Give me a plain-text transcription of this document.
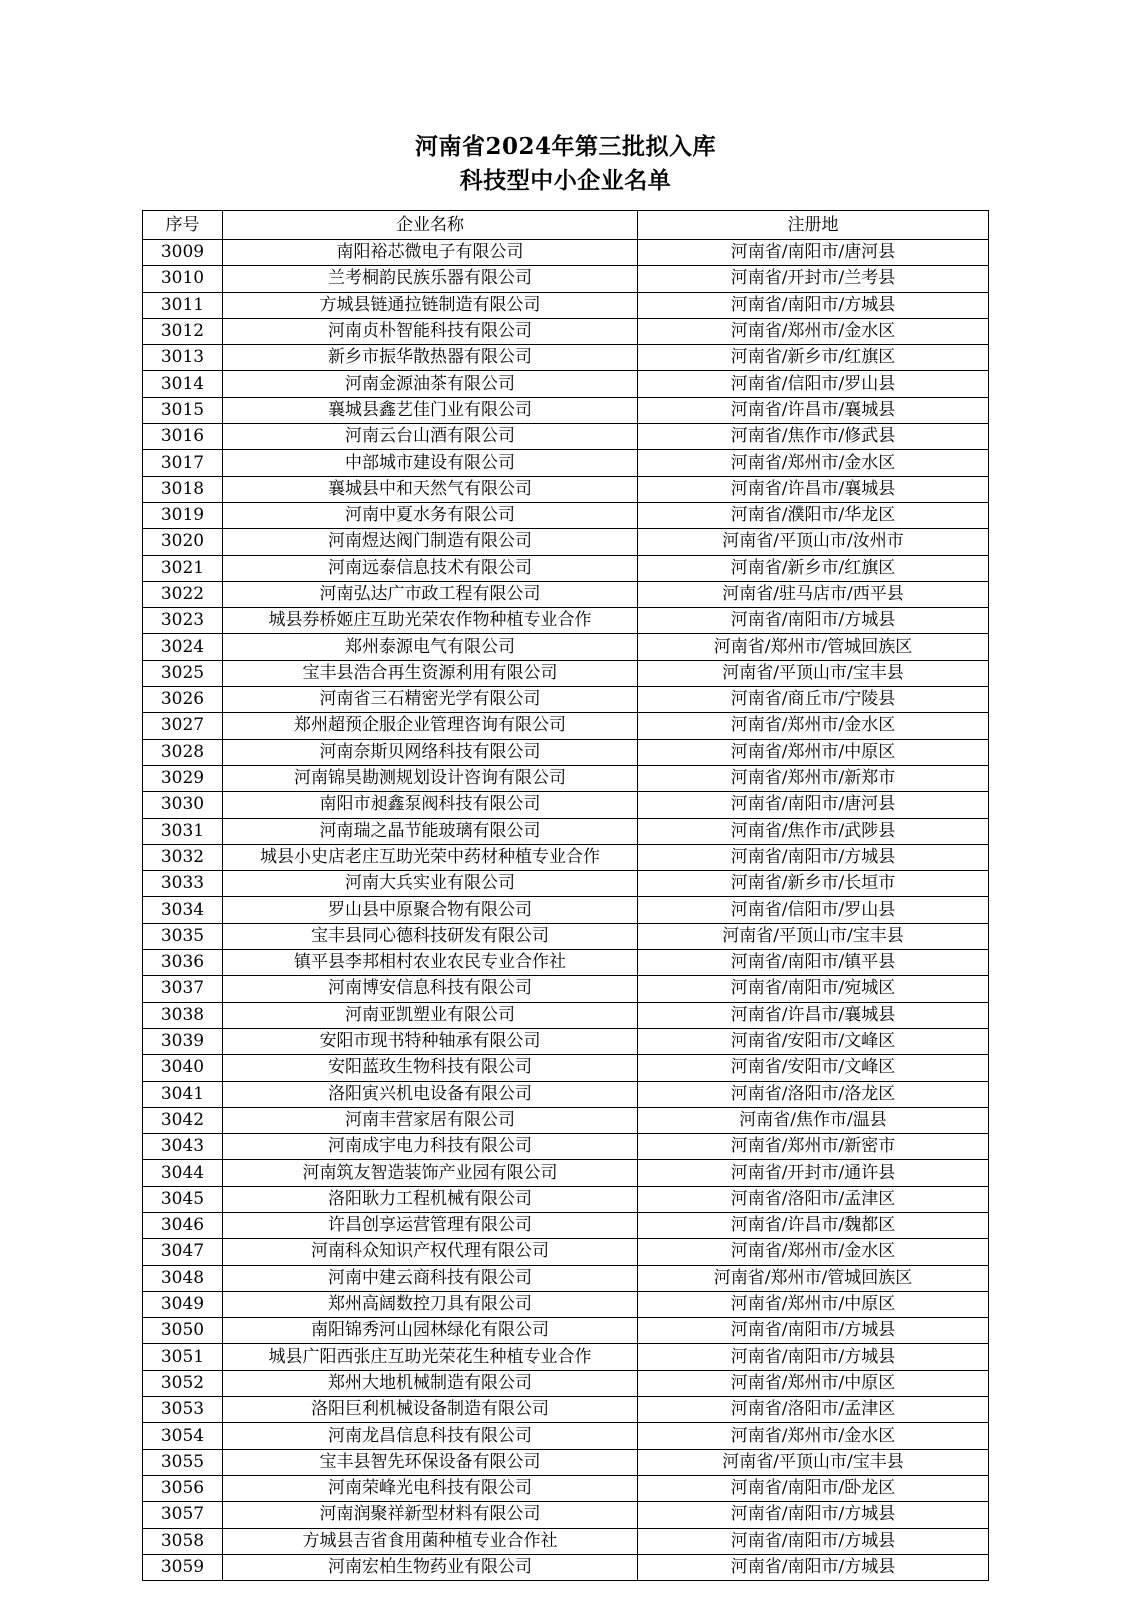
河南省2024年第三批拟入库
科技型中小企业名单
序号	企业名称	注册地
3009	南阳裕芯微电子有限公司	河南省/南阳市/唐河县
3010	兰考桐韵民族乐器有限公司	河南省/开封市/兰考县
3011	方城县链通拉链制造有限公司	河南省/南阳市/方城县
3012	河南贞朴智能科技有限公司	河南省/郑州市/金水区
3013	新乡市振华散热器有限公司	河南省/新乡市/红旗区
3014	河南金源油茶有限公司	河南省/信阳市/罗山县
3015	襄城县鑫艺佳门业有限公司	河南省/许昌市/襄城县
3016	河南云台山酒有限公司	河南省/焦作市/修武县
3017	中部城市建设有限公司	河南省/郑州市/金水区
3018	襄城县中和天然气有限公司	河南省/许昌市/襄城县
3019	河南中夏水务有限公司	河南省/濮阳市/华龙区
3020	河南煜达阀门制造有限公司	河南省/平顶山市/汝州市
3021	河南远泰信息技术有限公司	河南省/新乡市/红旗区
3022	河南弘达广市政工程有限公司	河南省/驻马店市/西平县
3023	城县券桥姬庄互助光荣农作物种植专业合作	河南省/南阳市/方城县
3024	郑州泰源电气有限公司	河南省/郑州市/管城回族区
3025	宝丰县浩合再生资源利用有限公司	河南省/平顶山市/宝丰县
3026	河南省三石精密光学有限公司	河南省/商丘市/宁陵县
3027	郑州超预企服企业管理咨询有限公司	河南省/郑州市/金水区
3028	河南奈斯贝网络科技有限公司	河南省/郑州市/中原区
3029	河南锦昊勘测规划设计咨询有限公司	河南省/郑州市/新郑市
3030	南阳市昶鑫泵阀科技有限公司	河南省/南阳市/唐河县
3031	河南瑞之晶节能玻璃有限公司	河南省/焦作市/武陟县
3032	城县小史店老庄互助光荣中药材种植专业合作	河南省/南阳市/方城县
3033	河南大兵实业有限公司	河南省/新乡市/长垣市
3034	罗山县中原聚合物有限公司	河南省/信阳市/罗山县
3035	宝丰县同心德科技研发有限公司	河南省/平顶山市/宝丰县
3036	镇平县李邦相村农业农民专业合作社	河南省/南阳市/镇平县
3037	河南博安信息科技有限公司	河南省/南阳市/宛城区
3038	河南亚凯塑业有限公司	河南省/许昌市/襄城县
3039	安阳市现书特种轴承有限公司	河南省/安阳市/文峰区
3040	安阳蓝玫生物科技有限公司	河南省/安阳市/文峰区
3041	洛阳寅兴机电设备有限公司	河南省/洛阳市/洛龙区
3042	河南丰营家居有限公司	河南省/焦作市/温县
3043	河南成宇电力科技有限公司	河南省/郑州市/新密市
3044	河南筑友智造装饰产业园有限公司	河南省/开封市/通许县
3045	洛阳耿力工程机械有限公司	河南省/洛阳市/孟津区
3046	许昌创享运营管理有限公司	河南省/许昌市/魏都区
3047	河南科众知识产权代理有限公司	河南省/郑州市/金水区
3048	河南中建云商科技有限公司	河南省/郑州市/管城回族区
3049	郑州高阔数控刀具有限公司	河南省/郑州市/中原区
3050	南阳锦秀河山园林绿化有限公司	河南省/南阳市/方城县
3051	城县广阳西张庄互助光荣花生种植专业合作	河南省/南阳市/方城县
3052	郑州大地机械制造有限公司	河南省/郑州市/中原区
3053	洛阳巨利机械设备制造有限公司	河南省/洛阳市/孟津区
3054	河南龙昌信息科技有限公司	河南省/郑州市/金水区
3055	宝丰县智先环保设备有限公司	河南省/平顶山市/宝丰县
3056	河南荣峰光电科技有限公司	河南省/南阳市/卧龙区
3057	河南润聚祥新型材料有限公司	河南省/南阳市/方城县
3058	方城县吉省食用菌种植专业合作社	河南省/南阳市/方城县
3059	河南宏柏生物药业有限公司	河南省/南阳市/方城县
